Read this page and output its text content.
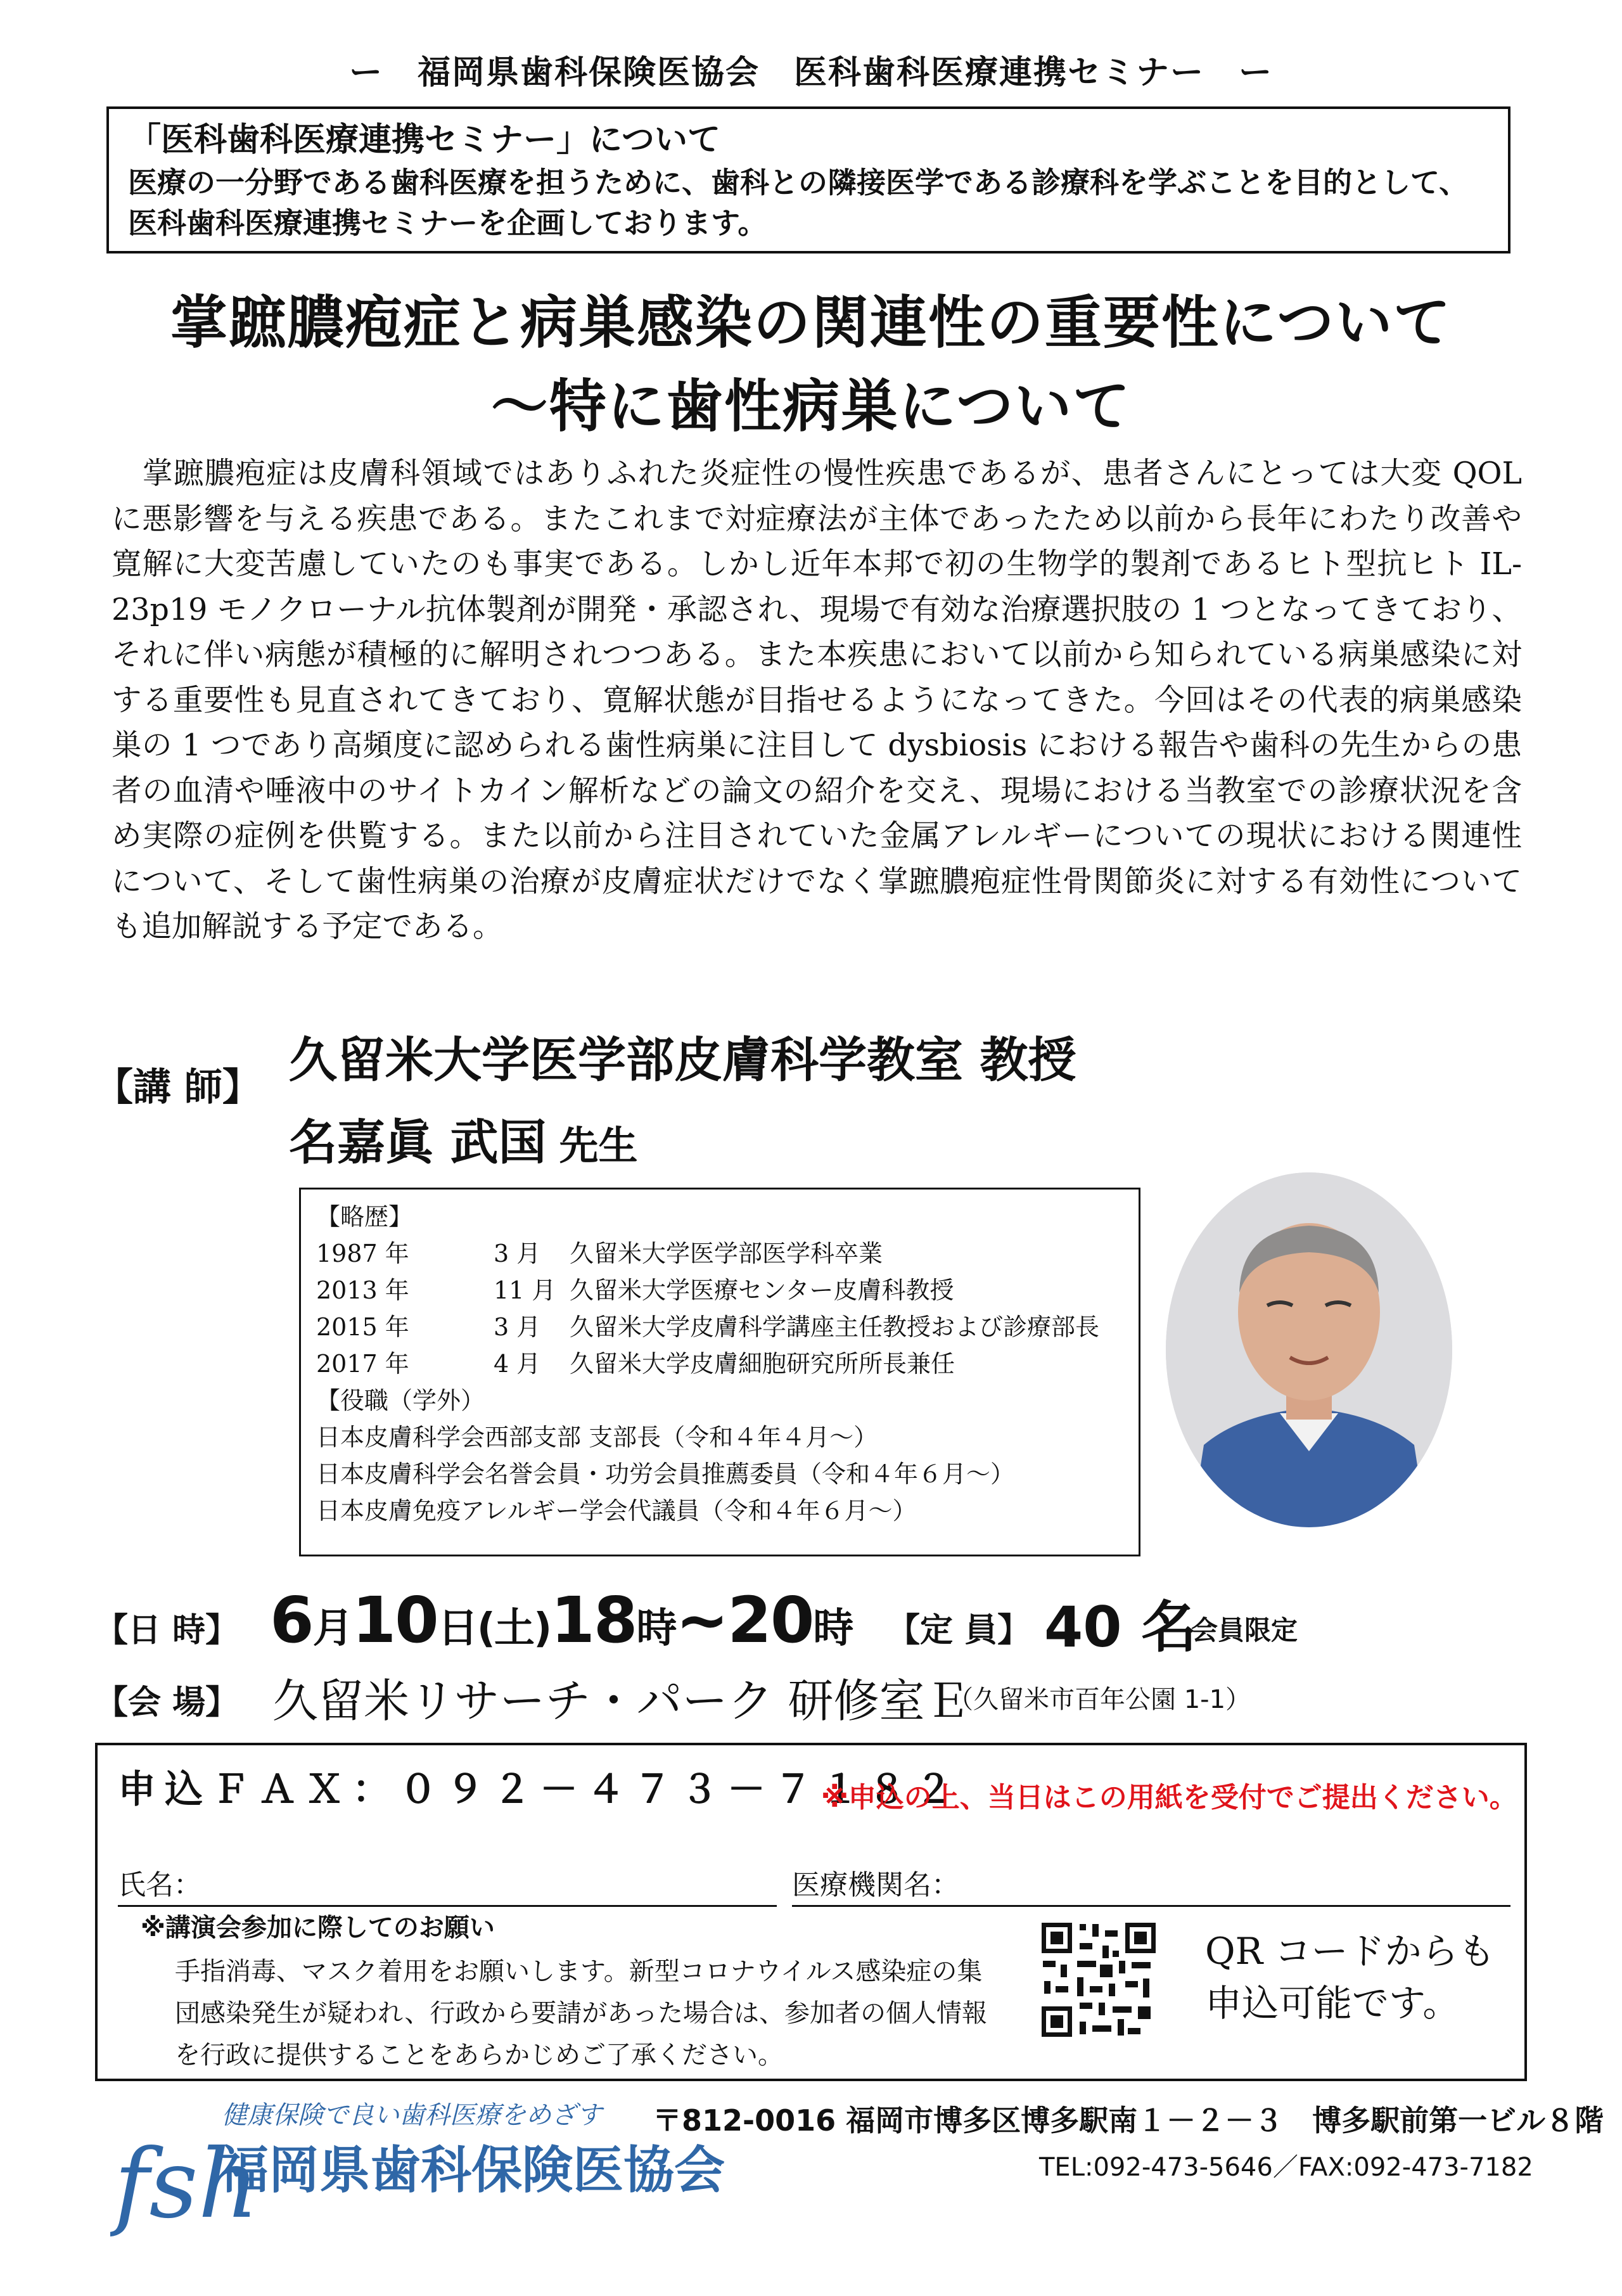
ー　福岡県歯科保険医協会　医科歯科医療連携セミナー　ー
「医科歯科医療連携セミナー」について
医療の一分野である歯科医療を担うために、歯科との隣接医学である診療科を学ぶことを目的として、
医科歯科医療連携セミナーを企画しております。
掌蹠膿疱症と病巣感染の関連性の重要性について
～特に歯性病巣について
　掌蹠膿疱症は皮膚科領域ではありふれた炎症性の慢性疾患であるが、患者さんにとっては大変 QOL に悪影響を与える疾患である。またこれまで対症療法が主体であったため以前から長年にわたり改善や寛解に大変苦慮していたのも事実である。しかし近年本邦で初の生物学的製剤であるヒト型抗ヒト IL-23p19 モノクローナル抗体製剤が開発・承認され、現場で有効な治療選択肢の 1 つとなってきており、それに伴い病態が積極的に解明されつつある。また本疾患において以前から知られている病巣感染に対する重要性も見直されてきており、寛解状態が目指せるようになってきた。今回はその代表的病巣感染巣の 1 つであり高頻度に認められる歯性病巣に注目して dysbiosis における報告や歯科の先生からの患者の血清や唾液中のサイトカイン解析などの論文の紹介を交え、現場における当教室での診療状況を含め実際の症例を供覧する。また以前から注目されていた金属アレルギーについての現状における関連性について、そして歯性病巣の治療が皮膚症状だけでなく掌蹠膿疱症性骨関節炎に対する有効性についても追加解説する予定である。
【講 師】 久留米大学医学部皮膚科学教室 教授
名嘉眞 武国 先生
【略歴】
1987 年	3 月 久留米大学医学部医学科卒業
2013 年	11 月 久留米大学医療センター皮膚科教授
2015 年	3 月 久留米大学皮膚科学講座主任教授および診療部長
2017 年	4 月 久留米大学皮膚細胞研究所所長兼任
【役職（学外）
日本皮膚科学会西部支部 支部長（令和４年４月～）
日本皮膚科学会名誉会員・功労会員推薦委員（令和４年６月～）
日本皮膚免疫アレルギー学会代議員（令和４年６月～）
【日 時】 6月10日(土)18時~20時 【定 員】 40 名
会員限定
【会 場】 久留米リサーチ・パーク 研修室Ｅ
（久留米市百年公園 1-1）
申込ＦＡＸ：０９２－４７３－７１８２
※申込の上、当日はこの用紙を受付でご提出ください。
氏名：	医療機関名：
※講演会参加に際してのお願い
手指消毒、マスク着用をお願いします。新型コロナウイルス感染症の集団感染発生が疑われ、行政から要請があった場合は、参加者の個人情報を行政に提供することをあらかじめご了承ください。
QR コードからも
申込可能です。
fsh
健康保険で良い歯科医療をめざす
福岡県歯科保険医協会
〒812-0016 福岡市博多区博多駅南１－２－３　博多駅前第一ビル８階
TEL:092-473-5646／FAX:092-473-7182
